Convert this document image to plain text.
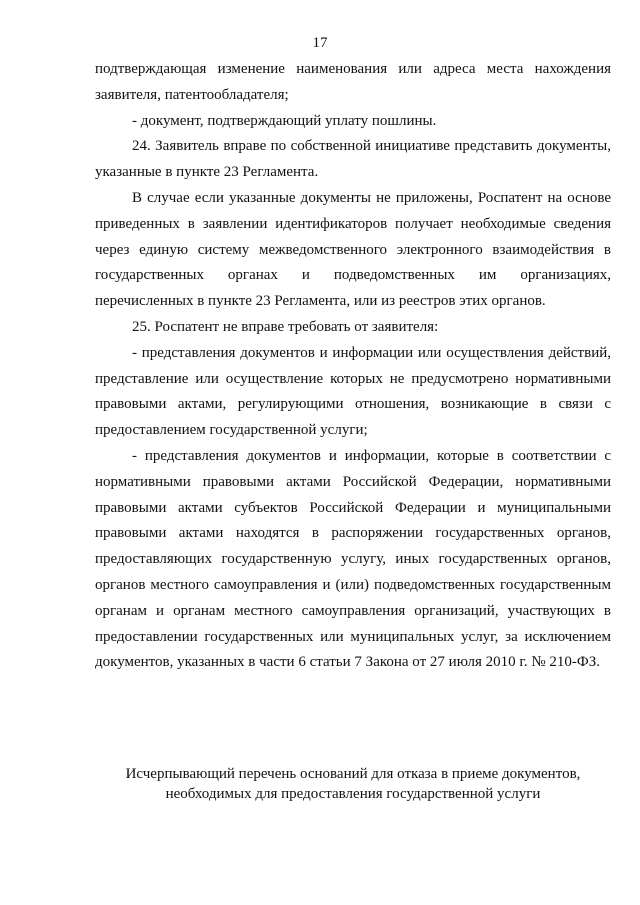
17

подтверждающая изменение наименования или адреса места нахождения заявителя, патентообладателя;

- документ, подтверждающий уплату пошлины.

24. Заявитель вправе по собственной инициативе представить документы, указанные в пункте 23 Регламента.

В случае если указанные документы не приложены, Роспатент на основе приведенных в заявлении идентификаторов получает необходимые сведения через единую систему межведомственного электронного взаимодействия в государственных органах и подведомственных им организациях, перечисленных в пункте 23 Регламента, или из реестров этих органов.

25. Роспатент не вправе требовать от заявителя:

- представления документов и информации или осуществления действий, представление или осуществление которых не предусмотрено нормативными правовыми актами, регулирующими отношения, возникающие в связи с предоставлением государственной услуги;

- представления документов и информации, которые в соответствии с нормативными правовыми актами Российской Федерации, нормативными правовыми актами субъектов Российской Федерации и муниципальными правовыми актами находятся в распоряжении государственных органов, предоставляющих государственную услугу, иных государственных органов, органов местного самоуправления и (или) подведомственных государственным органам и органам местного самоуправления организаций, участвующих в предоставлении государственных или муниципальных услуг, за исключением документов, указанных в части 6 статьи 7 Закона от 27 июля 2010 г. № 210-ФЗ.

Исчерпывающий перечень оснований для отказа в приеме документов,
необходимых для предоставления государственной услуги
